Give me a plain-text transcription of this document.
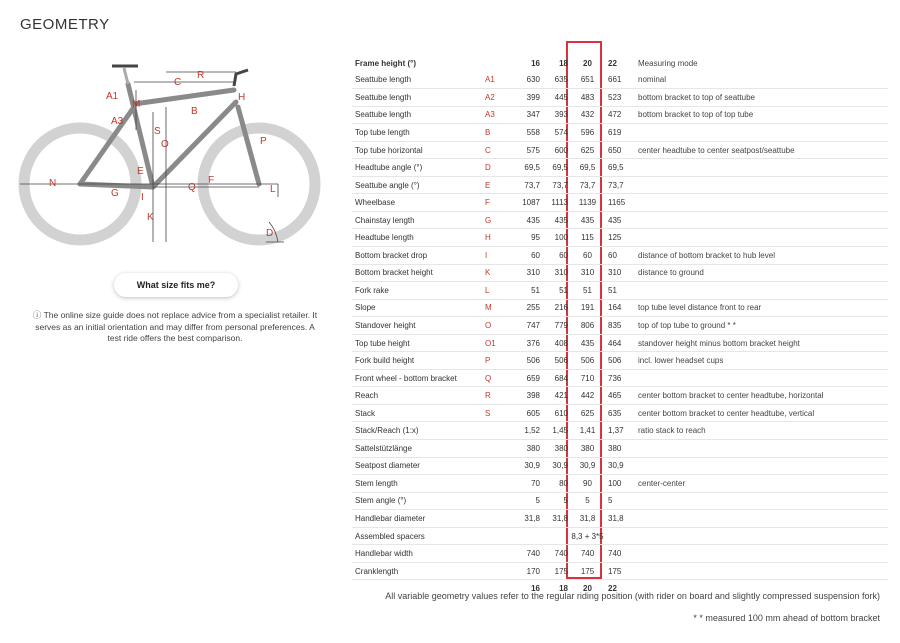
GEOMETRY
R
C
A1
M
A3
H
B
S
O	P
E
N
G I
Q
F
L
K
D
What size fits me?
ⓘ The online size guide does not replace advice from a specialist retailer. It serves as an initial orientation and may differ from personal preferences. A test ride offers the best comparison.
Frame height (°)		16	18	20	22	Measuring mode
Seattube length	A1	630	635	651	661	nominal
Seattube length	A2	399	445	483	523	bottom bracket to top of seattube
Seattube length	A3	347	393	432	472	bottom bracket to top of top tube
Top tube length	B	558	574	596	619	
Top tube horizontal	C	575	600	625	650	center headtube to center seatpost/seattube
Headtube angle (°)	D	69,5	69,5	69,5	69,5	
Seattube angle (°)	E	73,7	73,7	73,7	73,7	
Wheelbase	F	1087	1113	1139	1165	
Chainstay length	G	435	435	435	435	
Headtube length	H	95	100	115	125	
Bottom bracket drop	I	60	60	60	60	distance of bottom bracket to hub level
Bottom bracket height	K	310	310	310	310	distance to ground
Fork rake	L	51	51	51	51	
Slope	M	255	216	191	164	top tube level distance front to rear
Standover height	O	747	779	806	835	top of top tube to ground * *
Top tube height	O1	376	408	435	464	standover height minus bottom bracket height
Fork build height	P	506	506	506	506	incl. lower headset cups
Front wheel - bottom bracket	Q	659	684	710	736	
Reach	R	398	421	442	465	center bottom bracket to center headtube, horizontal
Stack	S	605	610	625	635	center bottom bracket to center headtube, vertical
Stack/Reach (1:x)		1,52	1,45	1,41	1,37	ratio stack to reach
Sattelstützlänge		380	380	380	380	
Seatpost diameter		30,9	30,9	30,9	30,9	
Stem length		70	80	90	100	center-center
Stem angle (°)		5	5	5	5	
Handlebar diameter		31,8	31,8	31,8	31,8	
Assembled spacers				8,3 + 3*5		
Handlebar width		740	740	740	740	
Cranklength		170	175	175	175	
		16	18	20	22	
All variable geometry values refer to the regular riding position (with rider on board and slightly compressed suspension fork)
* * measured 100 mm ahead of bottom bracket
